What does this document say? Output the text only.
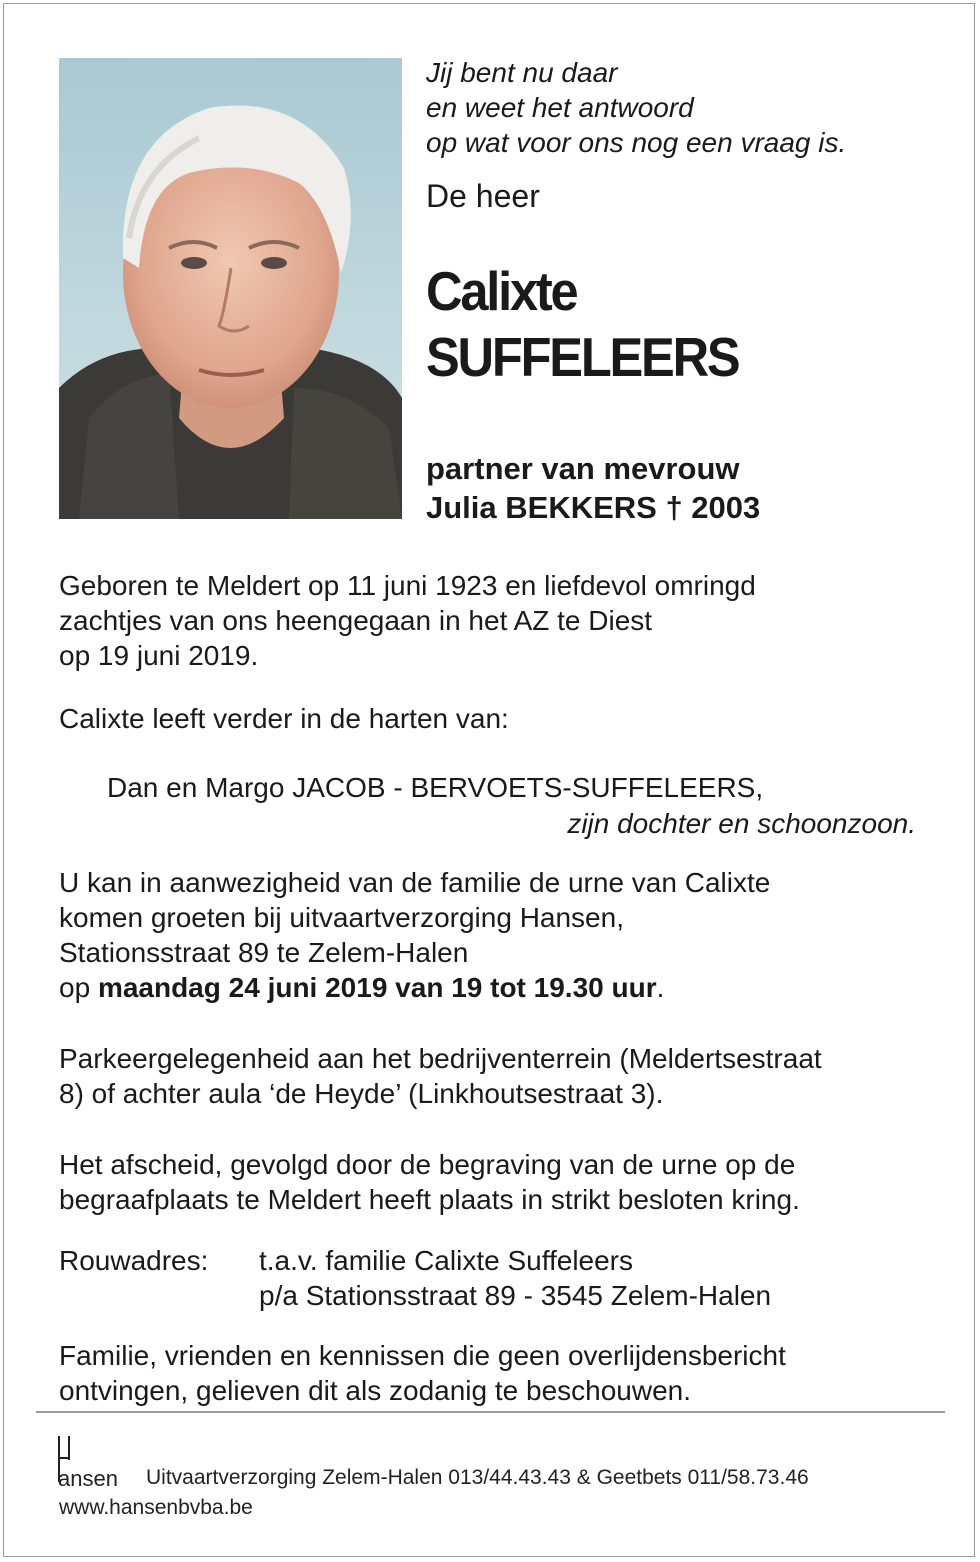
Jij bent nu daar
en weet het antwoord
op wat voor ons nog een vraag is.
De heer
Calixte
SUFFELEERS
partner van mevrouw
Julia BEKKERS † 2003
Geboren te Meldert op 11 juni 1923 en liefdevol omringd
zachtjes van ons heengegaan in het AZ te Diest
op 19 juni 2019.
Calixte leeft verder in de harten van:
Dan en Margo JACOB - BERVOETS-SUFFELEERS,
zijn dochter en schoonzoon.
U kan in aanwezigheid van de familie de urne van Calixte
komen groeten bij uitvaartverzorging Hansen,
Stationsstraat 89 te Zelem-Halen
op maandag 24 juni 2019 van 19 tot 19.30 uur.
Parkeergelegenheid aan het bedrijventerrein (Meldertsestraat
8) of achter aula ‘de Heyde’ (Linkhoutsestraat 3).
Het afscheid, gevolgd door de begraving van de urne op de
begraafplaats te Meldert heeft plaats in strikt besloten kring.
Rouwadres: t.a.v. familie Calixte Suffeleers
p/a Stationsstraat 89 - 3545 Zelem-Halen
Familie, vrienden en kennissen die geen overlijdensbericht
ontvingen, gelieven dit als zodanig te beschouwen.
ansen Uitvaartverzorging Zelem-Halen 013/44.43.43 & Geetbets 011/58.73.46
www.hansenbvba.be
